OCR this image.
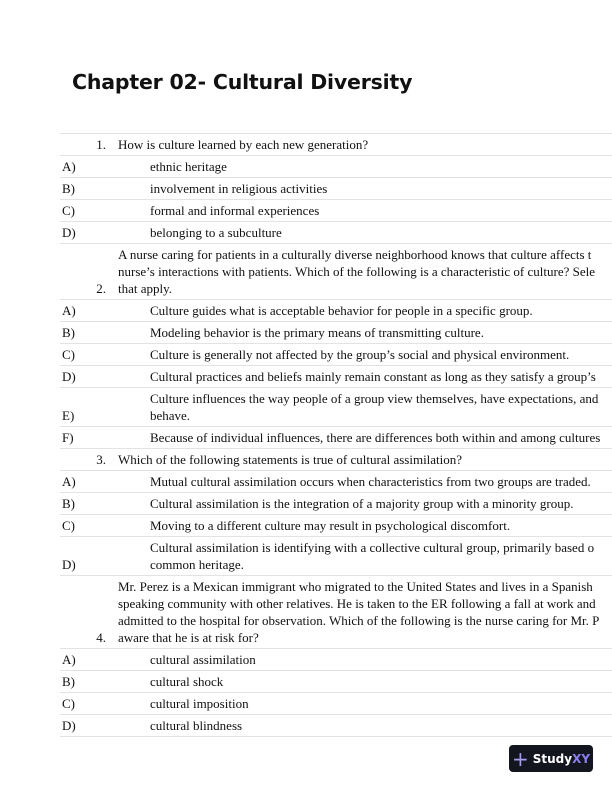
Chapter 02- Cultural Diversity
1. How is culture learned by each new generation?
A)	ethnic heritage
B)	involvement in religious activities
C)	formal and informal experiences
D)	belonging to a subculture
2.
A nurse caring for patients in a culturally diverse neighborhood knows that culture affects t
nurse’s interactions with patients. Which of the following is a characteristic of culture? Sele
that apply.
A)	Culture guides what is acceptable behavior for people in a specific group.
B)	Modeling behavior is the primary means of transmitting culture.
C)	Culture is generally not affected by the group’s social and physical environment.
D)	Cultural practices and beliefs mainly remain constant as long as they satisfy a group’s
E)
Culture influences the way people of a group view themselves, have expectations, and
behave.
F)	Because of individual influences, there are differences both within and among cultures
3. Which of the following statements is true of cultural assimilation?
A)	Mutual cultural assimilation occurs when characteristics from two groups are traded.
B)	Cultural assimilation is the integration of a majority group with a minority group.
C)	Moving to a different culture may result in psychological discomfort.
D)
Cultural assimilation is identifying with a collective cultural group, primarily based o
common heritage.
4.
Mr. Perez is a Mexican immigrant who migrated to the United States and lives in a Spanish
speaking community with other relatives. He is taken to the ER following a fall at work and
admitted to the hospital for observation. Which of the following is the nurse caring for Mr. P
aware that he is at risk for?
A)	cultural assimilation
B)	cultural shock
C)	cultural imposition
D)	cultural blindness
+ StudyXY
